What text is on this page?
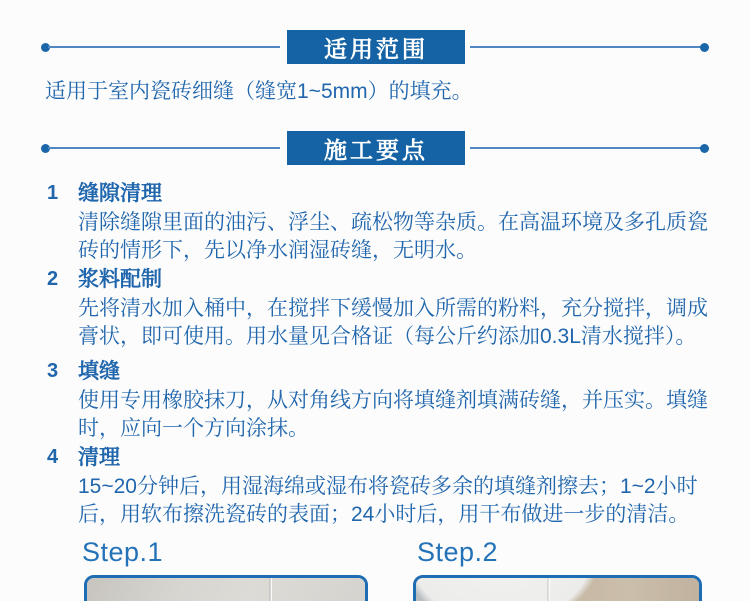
适用范围
适用于室内瓷砖细缝（缝宽1~5mm）的填充。
施工要点
1 缝隙清理
清除缝隙里面的油污、浮尘、疏松物等杂质。在高温环境及多孔质瓷砖的情形下，先以净水润湿砖缝，无明水。
2 浆料配制
先将清水加入桶中，在搅拌下缓慢加入所需的粉料，充分搅拌，调成膏状，即可使用。用水量见合格证（每公斤约添加0.3L清水搅拌）。
3 填缝
使用专用橡胶抹刀，从对角线方向将填缝剂填满砖缝，并压实。填缝时，应向一个方向涂抹。
4 清理
15~20分钟后，用湿海绵或湿布将瓷砖多余的填缝剂擦去；1~2小时后，用软布擦洗瓷砖的表面；24小时后，用干布做进一步的清洁。
Step.1	Step.2
